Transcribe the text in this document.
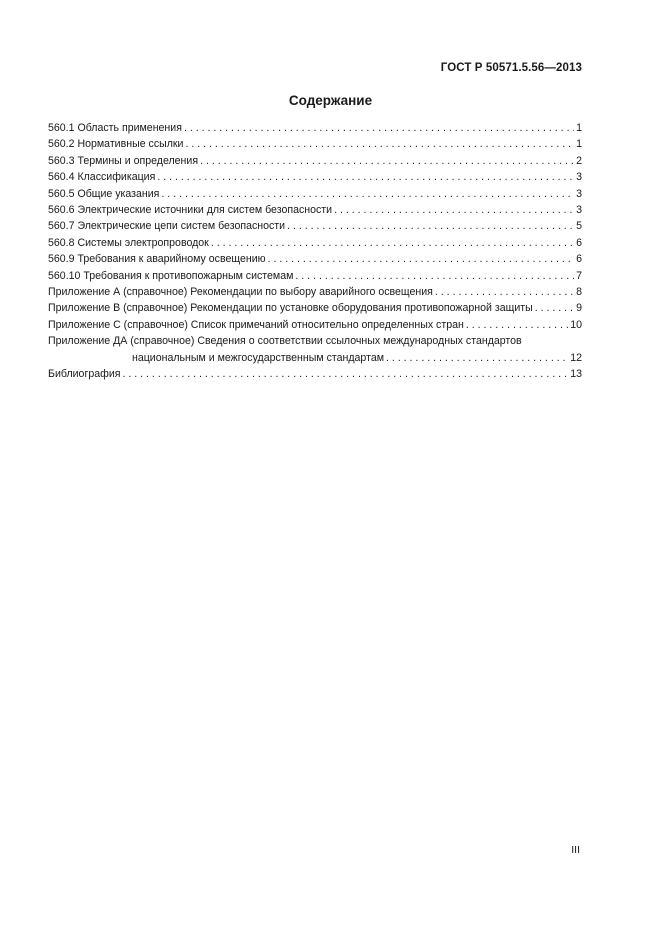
ГОСТ Р 50571.5.56—2013
Содержание
560.1 Область применения . . .	1
560.2 Нормативные ссылки . . .	1
560.3 Термины и определения . . .	2
560.4 Классификация . . .	3
560.5 Общие указания . . .	3
560.6 Электрические источники для систем безопасности . . .	3
560.7 Электрические цепи систем безопасности . . .	5
560.8 Системы электропроводок . . .	6
560.9 Требования к аварийному освещению . . .	6
560.10 Требования к противопожарным системам . . .	7
Приложение А (справочное) Рекомендации по выбору аварийного освещения . . .	8
Приложение В (справочное) Рекомендации по установке оборудования противопожарной защиты . . .	9
Приложение С (справочное) Список примечаний относительно определенных стран . . .	10
Приложение ДА (справочное) Сведения о соответствии ссылочных международных стандартов
национальным и межгосударственным стандартам . . .	12
Библиография . . .	13
III
